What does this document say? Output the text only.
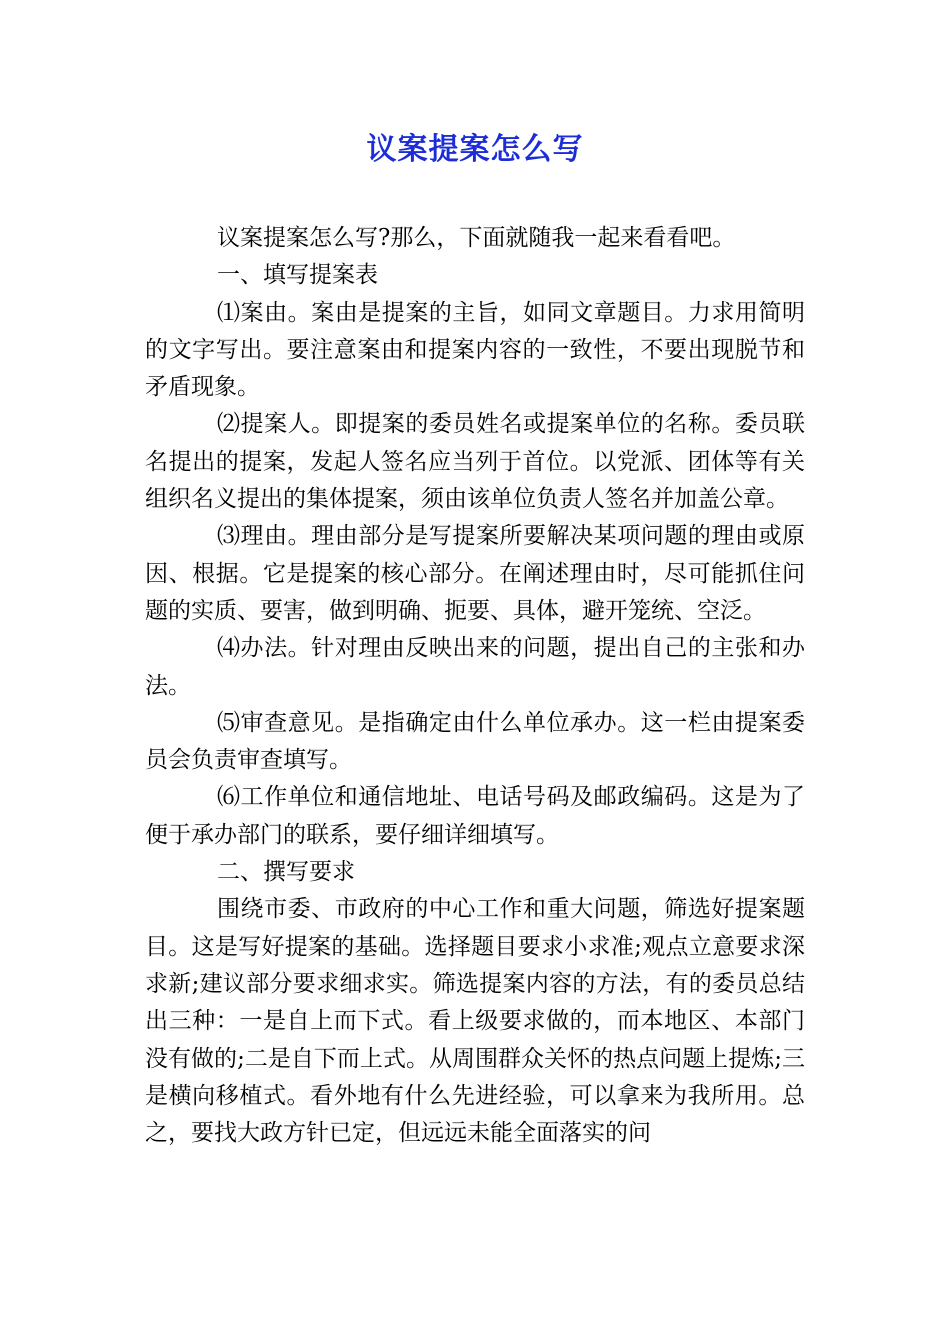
议案提案怎么写

议案提案怎么写?那么，下面就随我一起来看看吧。

一、填写提案表

⑴案由。案由是提案的主旨，如同文章题目。力求用简明的文字写出。要注意案由和提案内容的一致性，不要出现脱节和矛盾现象。

⑵提案人。即提案的委员姓名或提案单位的名称。委员联名提出的提案，发起人签名应当列于首位。以党派、团体等有关组织名义提出的集体提案，须由该单位负责人签名并加盖公章。

⑶理由。理由部分是写提案所要解决某项问题的理由或原因、根据。它是提案的核心部分。在阐述理由时，尽可能抓住问题的实质、要害，做到明确、扼要、具体，避开笼统、空泛。

⑷办法。针对理由反映出来的问题，提出自己的主张和办法。

⑸审查意见。是指确定由什么单位承办。这一栏由提案委员会负责审查填写。

⑹工作单位和通信地址、电话号码及邮政编码。这是为了便于承办部门的联系，要仔细详细填写。

二、撰写要求

围绕市委、市政府的中心工作和重大问题，筛选好提案题目。这是写好提案的基础。选择题目要求小求准;观点立意要求深求新;建议部分要求细求实。筛选提案内容的方法，有的委员总结出三种：一是自上而下式。看上级要求做的，而本地区、本部门没有做的;二是自下而上式。从周围群众关怀的热点问题上提炼;三是横向移植式。看外地有什么先进经验，可以拿来为我所用。总之，要找大政方针已定，但远远未能全面落实的问
